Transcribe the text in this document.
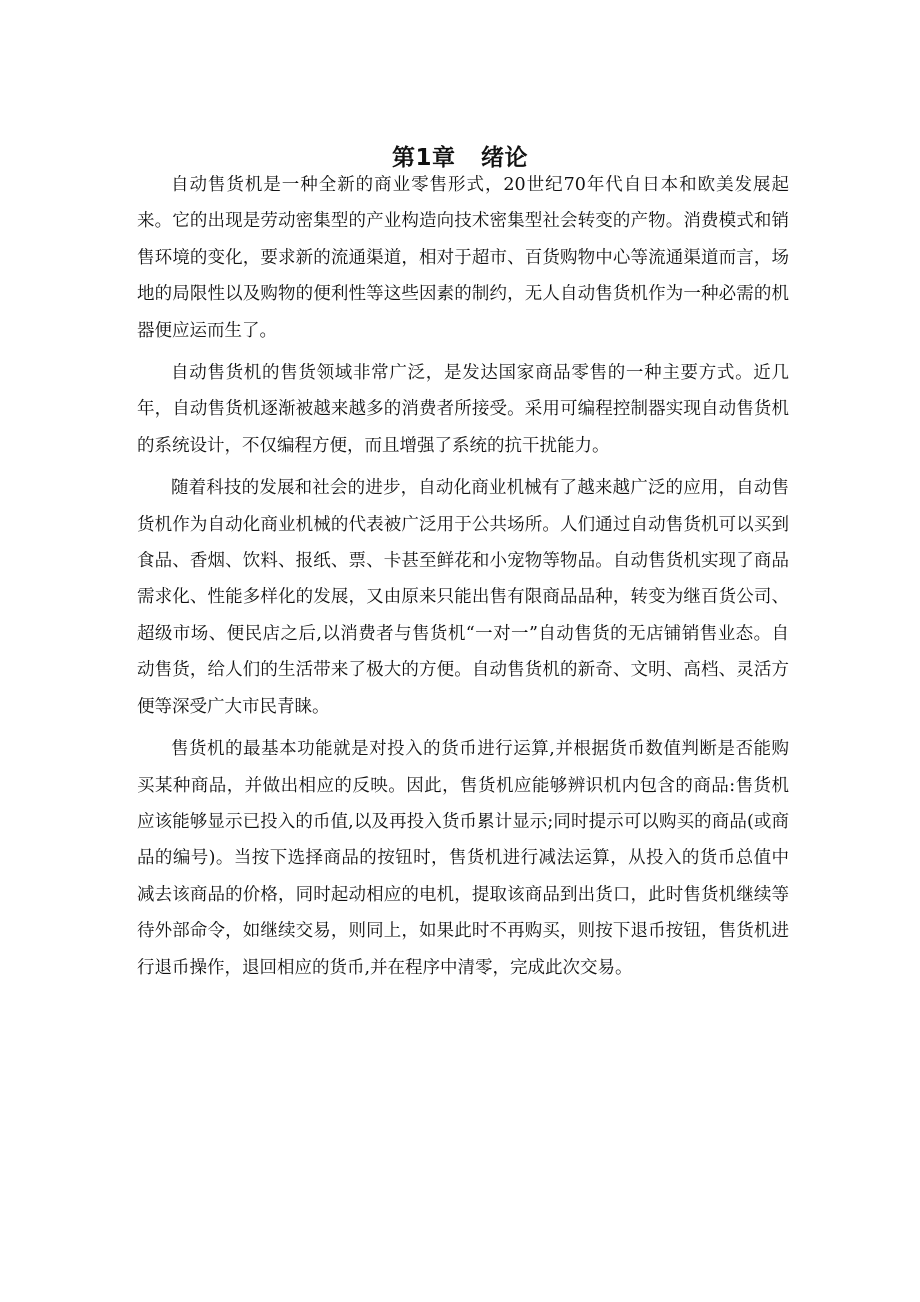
第1章   绪论

自动售货机是一种全新的商业零售形式，20世纪70年代自日本和欧美发展起来。它的出现是劳动密集型的产业构造向技术密集型社会转变的产物。消费模式和销售环境的变化，要求新的流通渠道，相对于超市、百货购物中心等流通渠道而言，场地的局限性以及购物的便利性等这些因素的制约，无人自动售货机作为一种必需的机器便应运而生了。

自动售货机的售货领域非常广泛，是发达国家商品零售的一种主要方式。近几年，自动售货机逐渐被越来越多的消费者所接受。采用可编程控制器实现自动售货机的系统设计，不仅编程方便，而且增强了系统的抗干扰能力。

随着科技的发展和社会的进步，自动化商业机械有了越来越广泛的应用，自动售货机作为自动化商业机械的代表被广泛用于公共场所。人们通过自动售货机可以买到食品、香烟、饮料、报纸、票、卡甚至鲜花和小宠物等物品。自动售货机实现了商品需求化、性能多样化的发展，又由原来只能出售有限商品品种，转变为继百货公司、超级市场、便民店之后,以消费者与售货机“一对一”自动售货的无店铺销售业态。自动售货，给人们的生活带来了极大的方便。自动售货机的新奇、文明、高档、灵活方便等深受广大市民青睐。

售货机的最基本功能就是对投入的货币进行运算,并根据货币数值判断是否能购买某种商品，并做出相应的反映。因此，售货机应能够辨识机内包含的商品:售货机应该能够显示已投入的币值,以及再投入货币累计显示;同时提示可以购买的商品(或商品的编号)。当按下选择商品的按钮时，售货机进行减法运算，从投入的货币总值中减去该商品的价格，同时起动相应的电机，提取该商品到出货口，此时售货机继续等待外部命令，如继续交易，则同上，如果此时不再购买，则按下退币按钮，售货机进行退币操作，退回相应的货币,并在程序中清零，完成此次交易。
